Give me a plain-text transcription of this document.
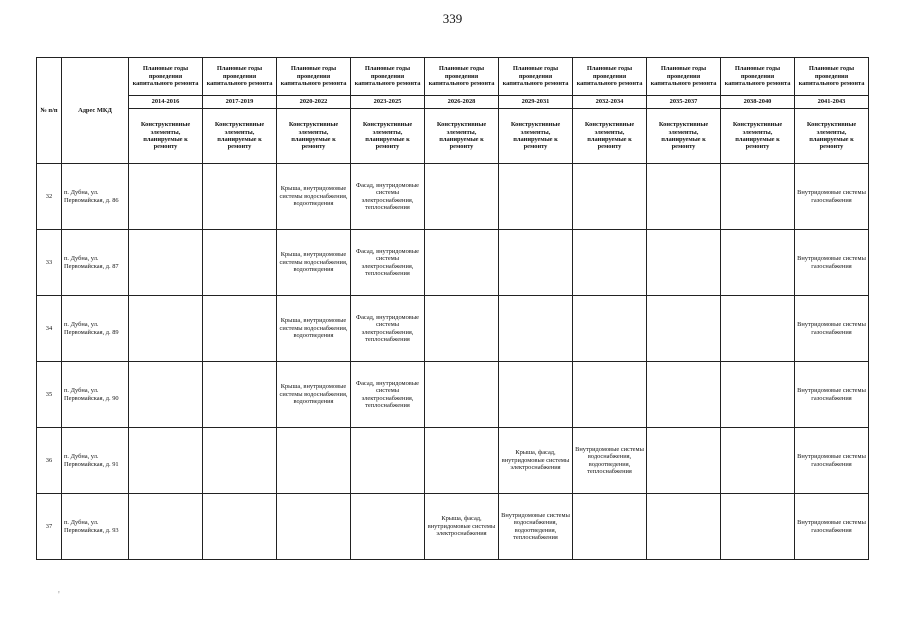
339
№ п/п	Адрес МКД	Плановые годы проведения капитального ремонта	Плановые годы проведения капитального ремонта	Плановые годы проведения капитального ремонта	Плановые годы проведения капитального ремонта	Плановые годы проведения капитального ремонта	Плановые годы проведения капитального ремонта	Плановые годы проведения капитального ремонта	Плановые годы проведения капитального ремонта	Плановые годы проведения капитального ремонта	Плановые годы проведения капитального ремонта
		2014-2016	2017-2019	2020-2022	2023-2025	2026-2028	2029-2031	2032-2034	2035-2037	2038-2040	2041-2043
		Конструктивные элементы, планируемые к ремонту	Конструктивные элементы, планируемые к ремонту	Конструктивные элементы, планируемые к ремонту	Конструктивные элементы, планируемые к ремонту	Конструктивные элементы, планируемые к ремонту	Конструктивные элементы, планируемые к ремонту	Конструктивные элементы, планируемые к ремонту	Конструктивные элементы, планируемые к ремонту	Конструктивные элементы, планируемые к ремонту	Конструктивные элементы, планируемые к ремонту
32	п. Дубна, ул. Первомайская, д. 86			Крыша, внутридомовые системы водоснабжения, водоотведения	Фасад, внутридомовые системы электроснабжения, теплоснабжения						Внутридомовые системы газоснабжения
33	п. Дубна, ул. Первомайская, д. 87			Крыша, внутридомовые системы водоснабжения, водоотведения	Фасад, внутридомовые системы электроснабжения, теплоснабжения						Внутридомовые системы газоснабжения
34	п. Дубна, ул. Первомайская, д. 89			Крыша, внутридомовые системы водоснабжения, водоотведения	Фасад, внутридомовые системы электроснабжения, теплоснабжения						Внутридомовые системы газоснабжения
35	п. Дубна, ул. Первомайская, д. 90			Крыша, внутридомовые системы водоснабжения, водоотведения	Фасад, внутридомовые системы электроснабжения, теплоснабжения						Внутридомовые системы газоснабжения
36	п. Дубна, ул. Первомайская, д. 91						Крыша, фасад, внутридомовые системы электроснабжения	Внутридомовые системы водоснабжения, водоотведения, теплоснабжения			Внутридомовые системы газоснабжения
37	п. Дубна, ул. Первомайская, д. 93					Крыша, фасад, внутридомовые системы электроснабжения	Внутридомовые системы водоснабжения, водоотведения, теплоснабжения				Внутридомовые системы газоснабжения
'
